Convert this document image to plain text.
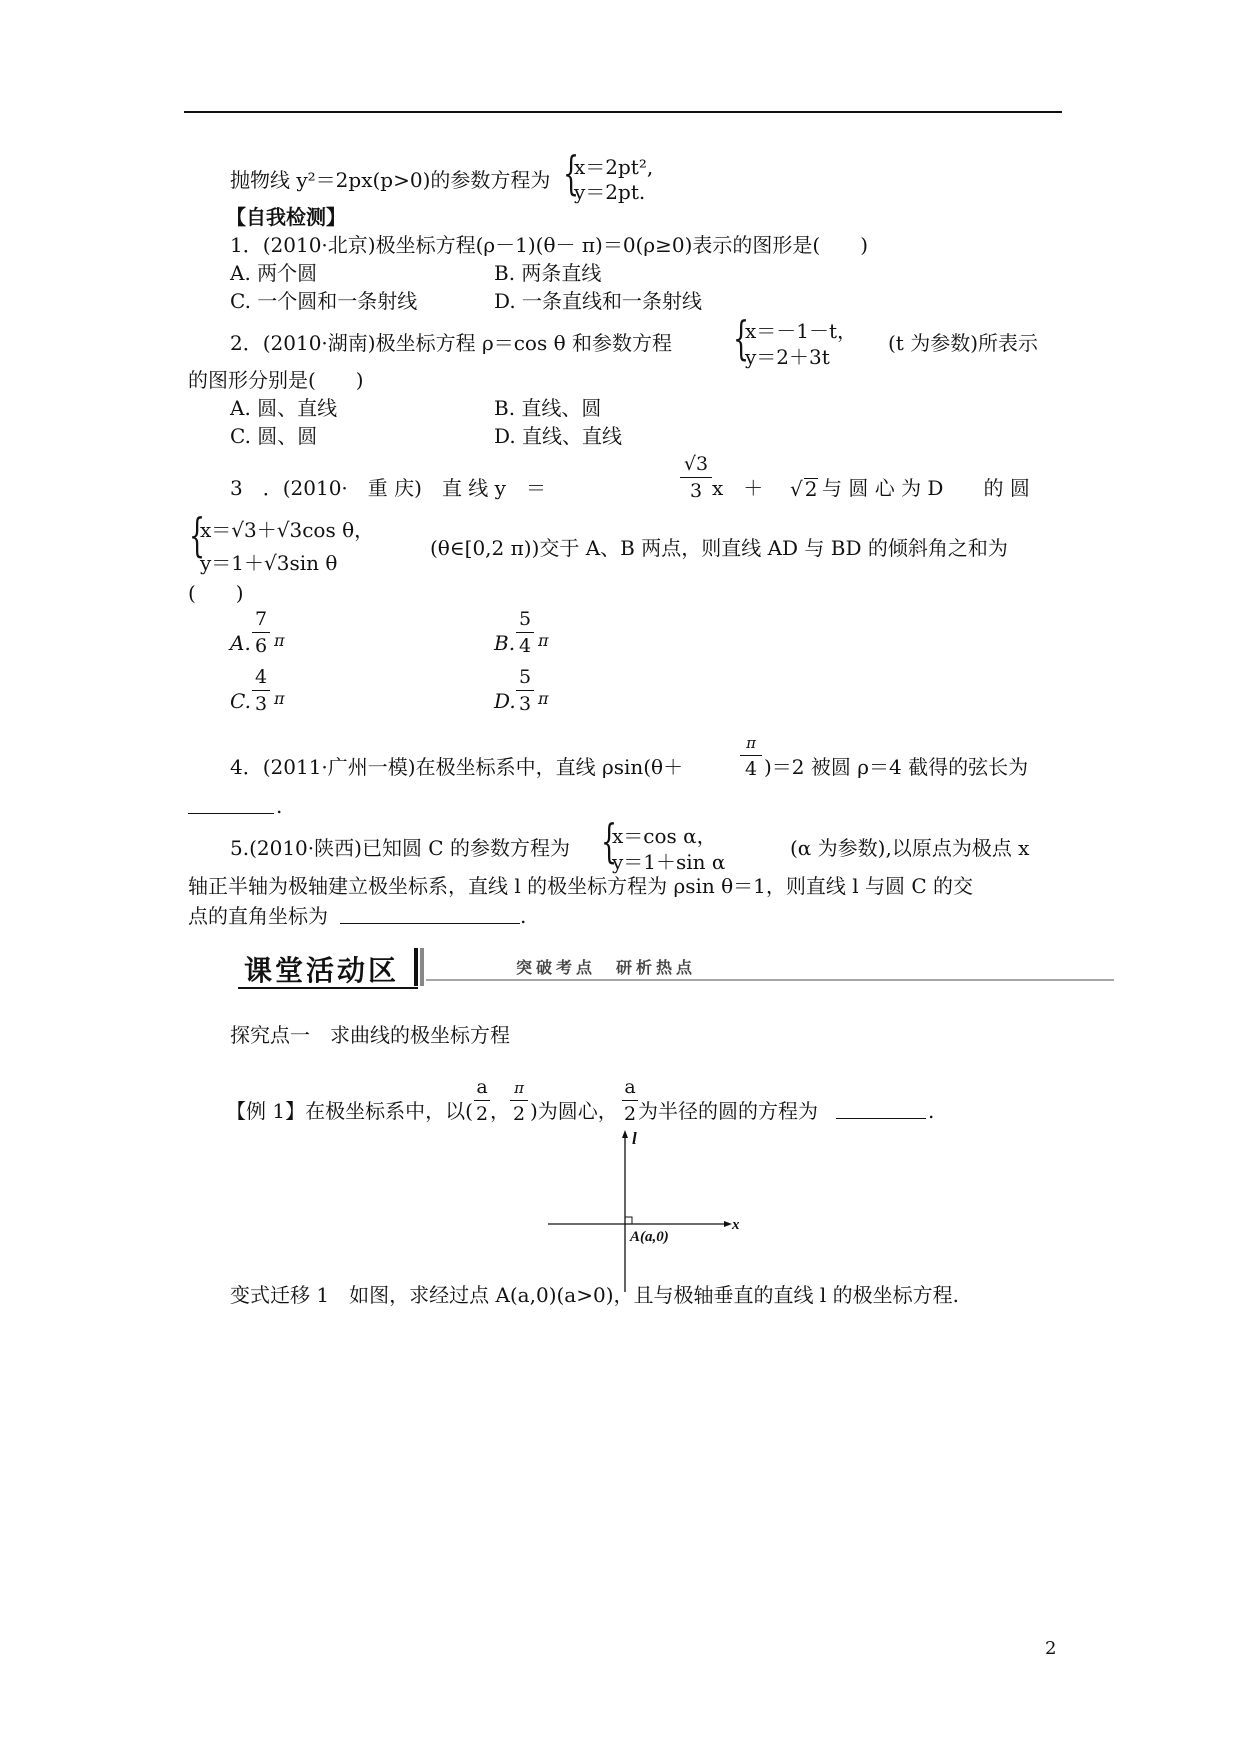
抛物线 y²＝2px(p>0)的参数方程为 {
x＝2pt²,
y＝2pt.
【自我检测】
1．(2010·北京)极坐标方程(ρ－1)(θ－ π)＝0(ρ≥0)表示的图形是(　　)
A. 两个圆	B. 两条直线
C. 一个圆和一条射线	D. 一条直线和一条射线
2．(2010·湖南)极坐标方程 ρ＝cos θ 和参数方程 {
x＝－1－t，
y＝2＋3t
(t 为参数)所表示
的图形分别是(　　)
A. 圆、直线	B. 直线、圆
C. 圆、圆	D. 直线、直线
3　．(2010·　重 庆)　直 线 y　＝
√3
3 x　＋ √ 2 与 圆 心 为 D　　的 圆
{
x＝√3＋√3cos θ，
y＝1＋√3sin θ
(θ∈[0,2 π))交于 A、B 两点，则直线 AD 与 BD 的倾斜角之和为
(　　)
A.
7
6 π	B.
5
4 π
C.
4
3 π	D.
5
3 π
4．(2011·广州一模)在极坐标系中，直线 ρsin(θ＋
π
4 )＝2 被圆 ρ＝4 截得的弦长为
.
5.(2010·陕西)已知圆 C 的参数方程为 {
x＝cos α，
y＝1＋sin α
(α 为参数),以原点为极点 x
轴正半轴为极轴建立极坐标系，直线 l 的极坐标方程为 ρsin θ＝1，则直线 l 与圆 C 的交
点的直角坐标为	.
课堂活动区	突破考点　研析热点
探究点一　求曲线的极坐标方程
【例 1】在极坐标系中，以(
a
2 ，
π
2 )为圆心，
a
2 为半径的圆的方程为	.
l
x
A(a,0)
变式迁移 1　如图，求经过点 A(a,0)(a>0)，且与极轴垂直的直线 l 的极坐标方程.
2
